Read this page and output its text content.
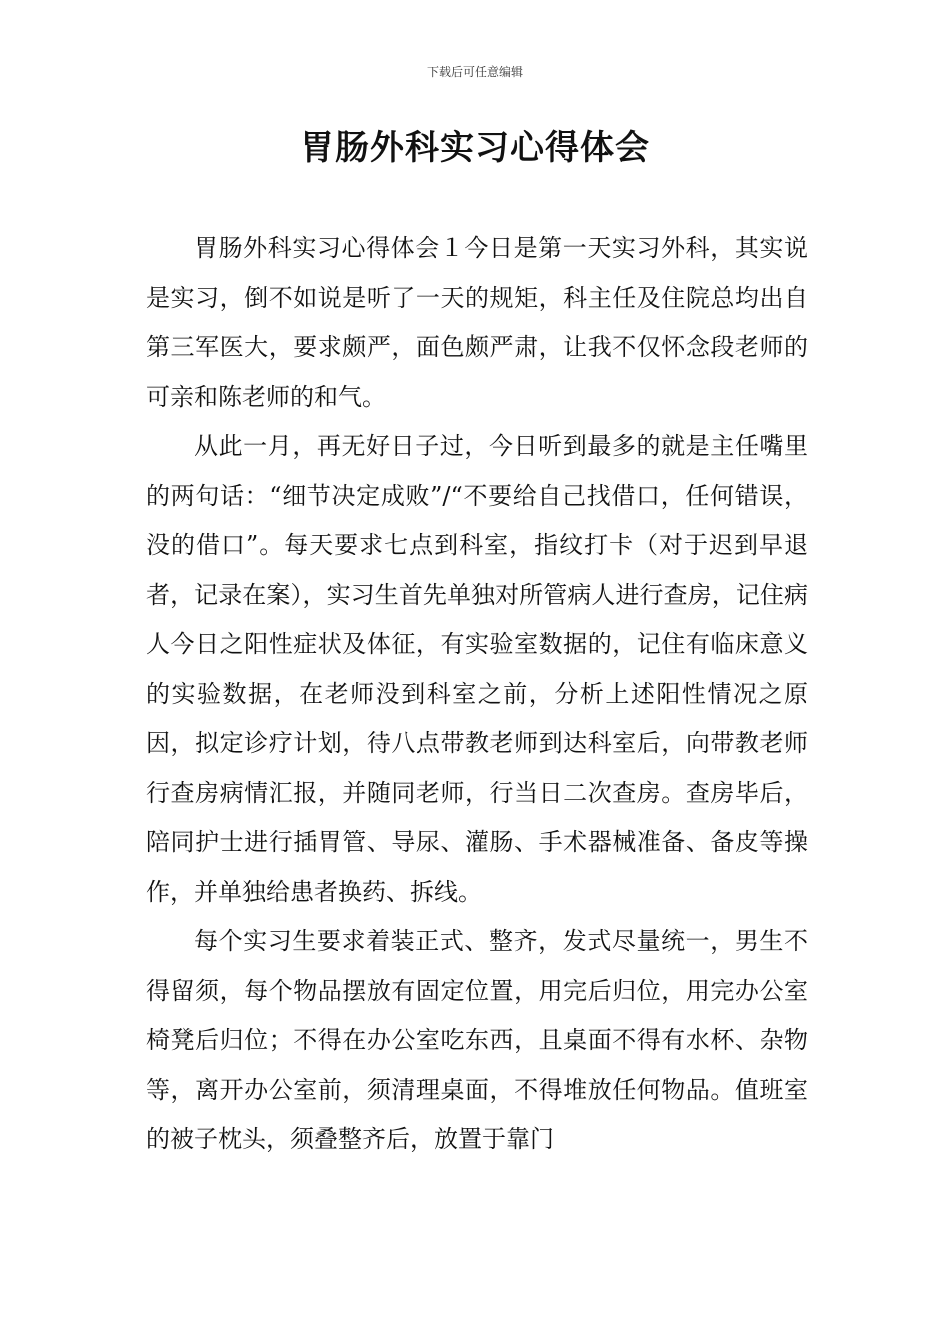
下载后可任意编辑
胃肠外科实习心得体会

胃肠外科实习心得体会１今日是第一天实习外科，其实说是实习，倒不如说是听了一天的规矩，科主任及住院总均出自第三军医大，要求颇严，面色颇严肃，让我不仅怀念段老师的可亲和陈老师的和气。

从此一月，再无好日子过，今日听到最多的就是主任嘴里的两句话：“细节决定成败”/“不要给自己找借口，任何错误，没的借口”。每天要求七点到科室，指纹打卡（对于迟到早退者，记录在案），实习生首先单独对所管病人进行查房，记住病人今日之阳性症状及体征，有实验室数据的，记住有临床意义的实验数据，在老师没到科室之前，分析上述阳性情况之原因，拟定诊疗计划，待八点带教老师到达科室后，向带教老师行查房病情汇报，并随同老师，行当日二次查房。查房毕后，陪同护士进行插胃管、导尿、灌肠、手术器械准备、备皮等操作，并单独给患者换药、拆线。

每个实习生要求着装正式、整齐，发式尽量统一，男生不得留须，每个物品摆放有固定位置，用完后归位，用完办公室椅凳后归位；不得在办公室吃东西，且桌面不得有水杯、杂物等，离开办公室前，须清理桌面，不得堆放任何物品。值班室的被子枕头，须叠整齐后，放置于靠门
